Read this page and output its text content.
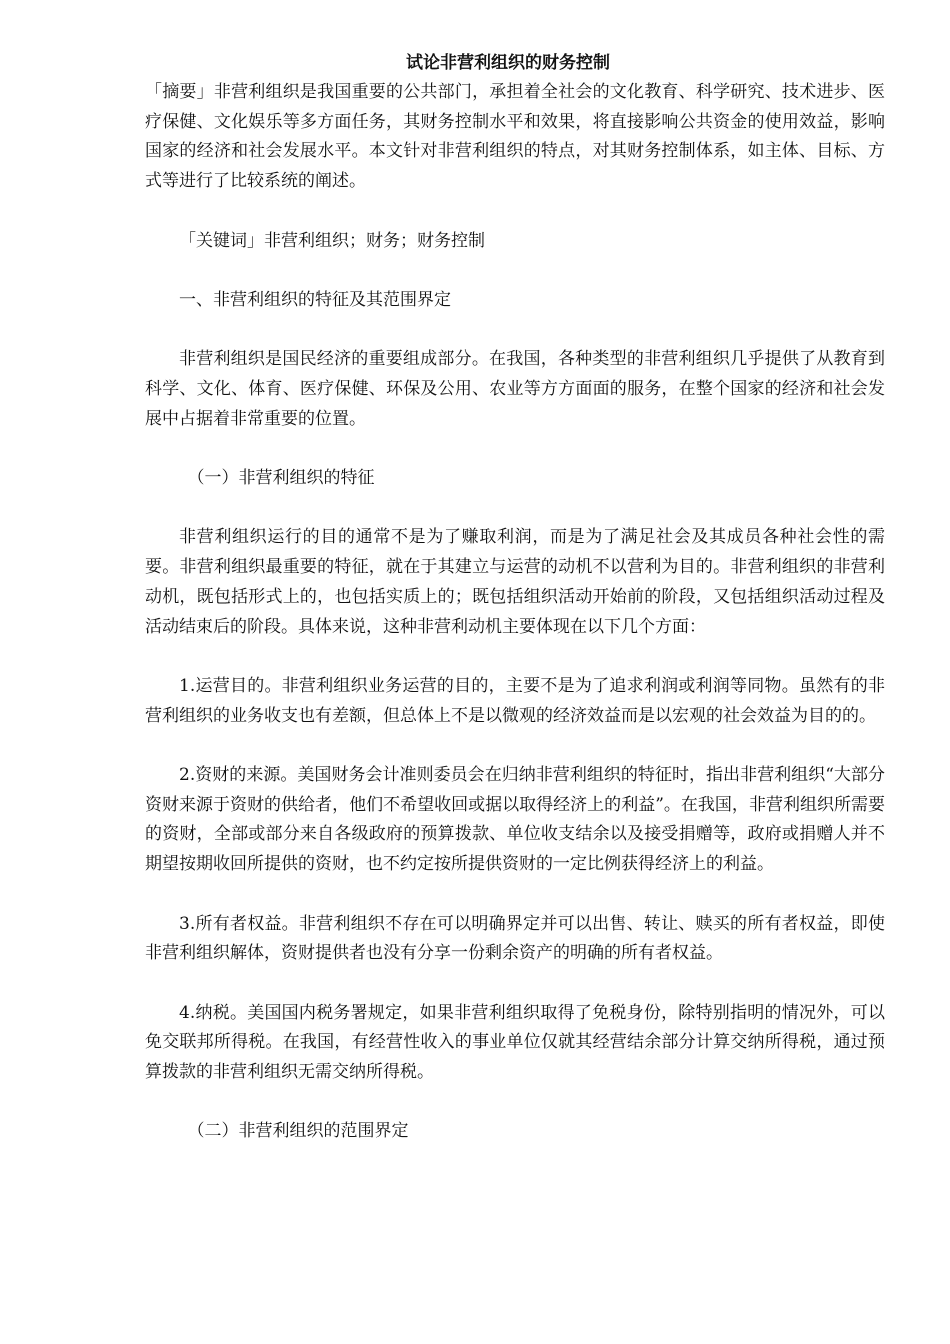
试论非营利组织的财务控制

「摘要」非营利组织是我国重要的公共部门，承担着全社会的文化教育、科学研究、技术进步、医疗保健、文化娱乐等多方面任务，其财务控制水平和效果，将直接影响公共资金的使用效益，影响国家的经济和社会发展水平。本文针对非营利组织的特点，对其财务控制体系，如主体、目标、方式等进行了比较系统的阐述。

「关键词」非营利组织；财务；财务控制

一、非营利组织的特征及其范围界定

非营利组织是国民经济的重要组成部分。在我国，各种类型的非营利组织几乎提供了从教育到科学、文化、体育、医疗保健、环保及公用、农业等方方面面的服务，在整个国家的经济和社会发展中占据着非常重要的位置。

（一）非营利组织的特征

非营利组织运行的目的通常不是为了赚取利润，而是为了满足社会及其成员各种社会性的需要。非营利组织最重要的特征，就在于其建立与运营的动机不以营利为目的。非营利组织的非营利动机，既包括形式上的，也包括实质上的；既包括组织活动开始前的阶段，又包括组织活动过程及活动结束后的阶段。具体来说，这种非营利动机主要体现在以下几个方面：

1.运营目的。非营利组织业务运营的目的，主要不是为了追求利润或利润等同物。虽然有的非营利组织的业务收支也有差额，但总体上不是以微观的经济效益而是以宏观的社会效益为目的的。

2.资财的来源。美国财务会计准则委员会在归纳非营利组织的特征时，指出非营利组织“大部分资财来源于资财的供给者，他们不希望收回或据以取得经济上的利益”。在我国，非营利组织所需要的资财，全部或部分来自各级政府的预算拨款、单位收支结余以及接受捐赠等，政府或捐赠人并不期望按期收回所提供的资财，也不约定按所提供资财的一定比例获得经济上的利益。

3.所有者权益。非营利组织不存在可以明确界定并可以出售、转让、赎买的所有者权益，即使非营利组织解体，资财提供者也没有分享一份剩余资产的明确的所有者权益。

4.纳税。美国国内税务署规定，如果非营利组织取得了免税身份，除特别指明的情况外，可以免交联邦所得税。在我国，有经营性收入的事业单位仅就其经营结余部分计算交纳所得税，通过预算拨款的非营利组织无需交纳所得税。

（二）非营利组织的范围界定
